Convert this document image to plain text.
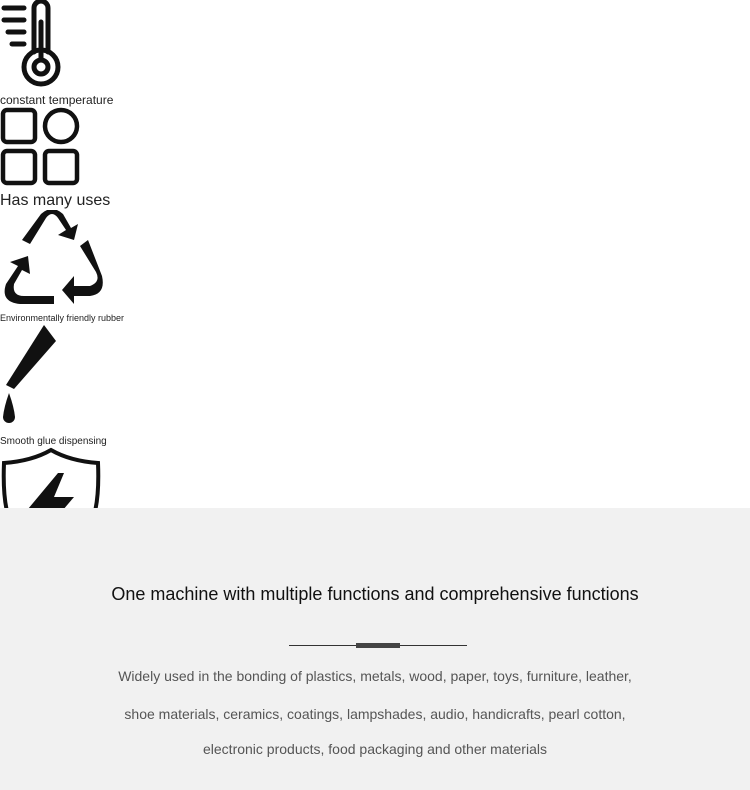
constant temperature
Has many uses
Environmentally friendly rubber
Smooth glue dispensing
One machine with multiple functions and comprehensive functions
Widely used in the bonding of plastics, metals, wood, paper, toys, furniture, leather,
shoe materials, ceramics, coatings, lampshades, audio, handicrafts, pearl cotton,
electronic products, food packaging and other materials
